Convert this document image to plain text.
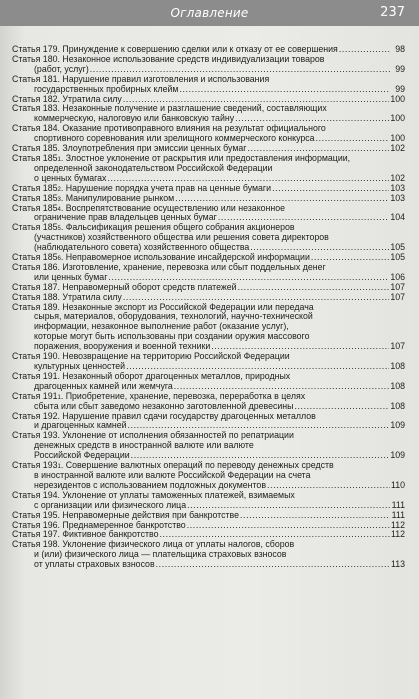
Оглавление	237
Статья 179. Принуждение к совершению сделки или к отказу от ее совершения .....	98
Статья 180. Незаконное использование средств индивидуализации товаров
(работ, услуг) .....	99
Статья 181. Нарушение правил изготовления и использования
государственных пробирных клейм .....	99
Статья 182. Утратила силу .....	100
Статья 183. Незаконные получение и разглашение сведений, составляющих
коммерческую, налоговую или банковскую тайну .....	100
Статья 184. Оказание противоправного влияния на результат официального
спортивного соревнования или зрелищного коммерческого конкурса .....	100
Статья 185. Злоупотребления при эмиссии ценных бумаг .....	102
Статья 185 1 . Злостное уклонение от раскрытия или предоставления информации,
определенной законодательством Российской Федерации
о ценных бумагах .....	102
Статья 185 2 . Нарушение порядка учета прав на ценные бумаги .....	103
Статья 185 3 . Манипулирование рынком .....	103
Статья 185 4 . Воспрепятствование осуществлению или незаконное
ограничение прав владельцев ценных бумаг .....	104
Статья 185 5 . Фальсификация решения общего собрания акционеров
(участников) хозяйственного общества или решения совета директоров
(наблюдательного совета) хозяйственного общества .....	105
Статья 185 6 . Неправомерное использование инсайдерской информации .....	105
Статья 186. Изготовление, хранение, перевозка или сбыт поддельных денег
или ценных бумаг .....	106
Статья 187. Неправомерный оборот средств платежей .....	107
Статья 188. Утратила силу .....	107
Статья 189. Незаконные экспорт из Российской Федерации или передача
сырья, материалов, оборудования, технологий, научно-технической
информации, незаконное выполнение работ (оказание услуг),
которые могут быть использованы при создании оружия массового
поражения, вооружения и военной техники .....	107
Статья 190. Невозвращение на территорию Российской Федерации
культурных ценностей .....	108
Статья 191. Незаконный оборот драгоценных металлов, природных
драгоценных камней или жемчуга .....	108
Статья 191 1 . Приобретение, хранение, перевозка, переработка в целях
сбыта или сбыт заведомо незаконно заготовленной древесины .....	108
Статья 192. Нарушение правил сдачи государству драгоценных металлов
и драгоценных камней .....	109
Статья 193. Уклонение от исполнения обязанностей по репатриации
денежных средств в иностранной валюте или валюте
Российской Федерации .....	109
Статья 193 1 . Совершение валютных операций по переводу денежных средств
в иностранной валюте или валюте Российской Федерации на счета
нерезидентов с использованием подложных документов .....	110
Статья 194. Уклонение от уплаты таможенных платежей, взимаемых
с организации или физического лица .....	111
Статья 195. Неправомерные действия при банкротстве .....	111
Статья 196. Преднамеренное банкротство .....	112
Статья 197. Фиктивное банкротство .....	112
Статья 198. Уклонение физического лица от уплаты налогов, сборов
и (или) физического лица — плательщика страховых взносов
от уплаты страховых взносов .....	113
